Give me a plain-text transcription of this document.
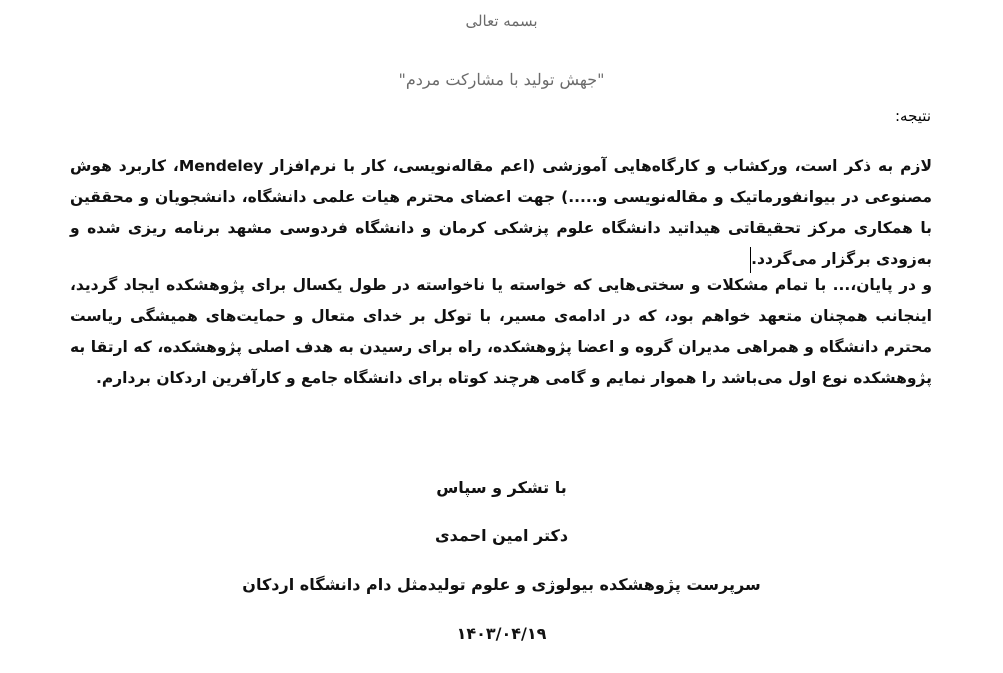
بسمه تعالی
"جهش تولید با مشارکت مردم"
نتیجه:
لازم به ذکر است، ورکشاب و کارگاه‌هایی آموزشی (اعم مقاله‌نویسی، کار با نرم‌افزار Mendeley، کاربرد هوش مصنوعی در بیوانفورماتیک و مقاله‌نویسی و.....) جهت اعضای محترم هیات علمی دانشگاه، دانشجویان و محققین با همکاری مرکز تحقیقاتی هیداتید دانشگاه علوم پزشکی کرمان و دانشگاه فردوسی مشهد برنامه ریزی شده و به‌زودی برگزار می‌گردد.
و در پایان،... با تمام مشکلات و سختی‌هایی که خواسته یا ناخواسته در طول یکسال برای پژوهشکده ایجاد گردید، اینجانب همچنان متعهد خواهم بود، که در ادامه‌ی مسیر، با توکل بر خدای متعال و حمایت‌های همیشگی ریاست محترم دانشگاه و همراهی مدیران گروه و اعضا پژوهشکده، راه برای رسیدن به هدف اصلی پژوهشکده، که ارتقا به پژوهشکده نوع اول می‌باشد را هموار نمایم و گامی هرچند کوتاه برای دانشگاه جامع و کارآفرین اردکان بردارم.
با تشکر و سپاس
دکتر امین احمدی
سرپرست پژوهشکده بیولوژی و علوم تولیدمثل دام دانشگاه اردکان
۱۴۰۳/۰۴/۱۹
